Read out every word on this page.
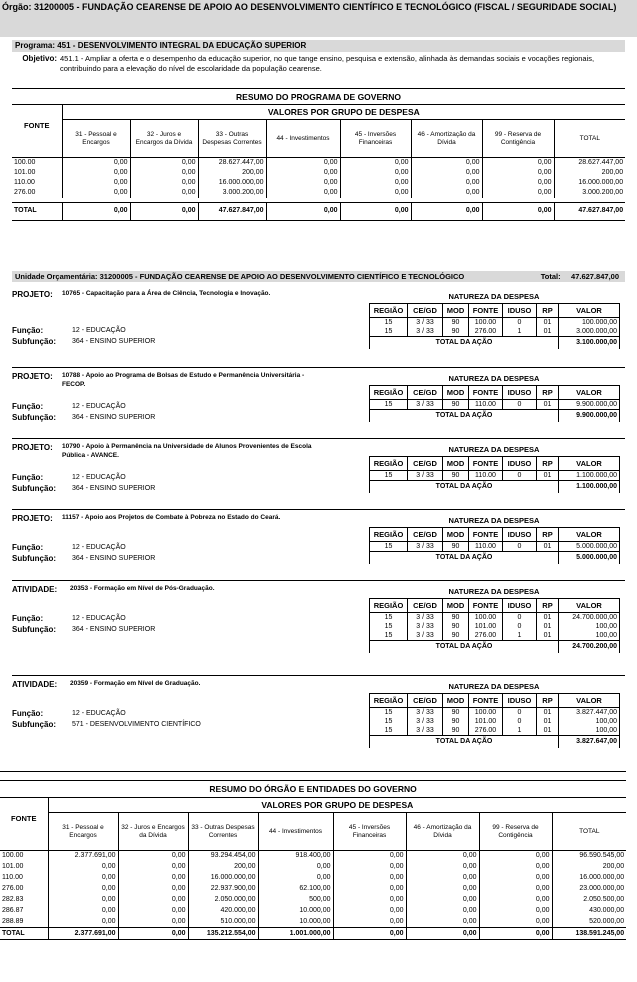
Órgão: 31200005 - FUNDAÇÃO CEARENSE DE APOIO AO DESENVOLVIMENTO CIENTÍFICO E TECNOLÓGICO (FISCAL / SEGURIDADE SOCIAL)
Programa: 451 - DESENVOLVIMENTO INTEGRAL DA EDUCAÇÃO SUPERIOR
Objetivo: 451.1 - Ampliar a oferta e o desempenho da educação superior, no que tange ensino, pesquisa e extensão, alinhada às demandas sociais e vocações regionais, contribuindo para a elevação do nível de escolaridade da população cearense.
RESUMO DO PROGRAMA DE GOVERNO								
	VALORES POR GRUPO DE DESPESA							
FONTE	31 - Pessoal e Encargos	32 - Juros e Encargos da Dívida	33 - Outras Despesas Correntes	44 - Investimentos	45 - Inversões Financeiras	46 - Amortização da Dívida	99 - Reserva de Contigência	TOTAL
100.00	0,00	0,00	28.627.447,00	0,00	0,00	0,00	0,00	28.627.447,00
101.00	0,00	0,00	200,00	0,00	0,00	0,00	0,00	200,00
110.00	0,00	0,00	16.000.000,00	0,00	0,00	0,00	0,00	16.000.000,00
276.00	0,00	0,00	3.000.200,00	0,00	0,00	0,00	0,00	3.000.200,00

TOTAL	0,00	0,00	47.627.847,00	0,00	0,00	0,00	0,00	47.627.847,00
Unidade Orçamentária: 31200005 - FUNDAÇÃO CEARENSE DE APOIO AO DESENVOLVIMENTO CIENTÍFICO E TECNOLÓGICO	Total: 47.627.847,00
PROJETO: 10765 - Capacitação para a Área de Ciência, Tecnologia e Inovação.
Função:	12 - EDUCAÇÃO
Subfunção: 364 - ENSINO SUPERIOR
NATUREZA DA DESPESA
REGIÃO	CE/GD	MOD	FONTE	IDUSO	RP	VALOR
15	3 / 33	90	100.00	0	01	100.000,00
15	3 / 33	90	276.00	1	01	3.000.000,00
TOTAL DA AÇÃO						3.100.000,00
PROJETO: 10788 - Apoio ao Programa de Bolsas de Estudo e Permanência Universitária - FECOP.
Função:	12 - EDUCAÇÃO
Subfunção: 364 - ENSINO SUPERIOR
NATUREZA DA DESPESA
REGIÃO	CE/GD	MOD	FONTE	IDUSO	RP	VALOR
15	3 / 33	90	110.00	0	01	9.900.000,00
TOTAL DA AÇÃO						9.900.000,00
PROJETO: 10790 - Apoio à Permanência na Universidade de Alunos Provenientes de Escola Pública - AVANCE.
Função:	12 - EDUCAÇÃO
Subfunção: 364 - ENSINO SUPERIOR
NATUREZA DA DESPESA
REGIÃO	CE/GD	MOD	FONTE	IDUSO	RP	VALOR
15	3 / 33	90	110.00	0	01	1.100.000,00
TOTAL DA AÇÃO						1.100.000,00
PROJETO: 11157 - Apoio aos Projetos de Combate à Pobreza no Estado do Ceará.
Função:	12 - EDUCAÇÃO
Subfunção: 364 - ENSINO SUPERIOR
NATUREZA DA DESPESA
REGIÃO	CE/GD	MOD	FONTE	IDUSO	RP	VALOR
15	3 / 33	90	110.00	0	01	5.000.000,00
TOTAL DA AÇÃO						5.000.000,00
ATIVIDADE: 20353 - Formação em Nível de Pós-Graduação.
Função:	12 - EDUCAÇÃO
Subfunção: 364 - ENSINO SUPERIOR
NATUREZA DA DESPESA
REGIÃO	CE/GD	MOD	FONTE	IDUSO	RP	VALOR
15	3 / 33	90	100.00	0	01	24.700.000,00
15	3 / 33	90	101.00	0	01	100,00
15	3 / 33	90	276.00	1	01	100,00
TOTAL DA AÇÃO						24.700.200,00
ATIVIDADE: 20359 - Formação em Nível de Graduação.
Função:	12 - EDUCAÇÃO
Subfunção: 571 - DESENVOLVIMENTO CIENTÍFICO
NATUREZA DA DESPESA
REGIÃO	CE/GD	MOD	FONTE	IDUSO	RP	VALOR
15	3 / 33	90	100.00	0	01	3.827.447,00
15	3 / 33	90	101.00	0	01	100,00
15	3 / 33	90	276.00	1	01	100,00
TOTAL DA AÇÃO						3.827.647,00
RESUMO DO ÓRGÃO E ENTIDADES DO GOVERNO								
	VALORES POR GRUPO DE DESPESA							
FONTE	31 - Pessoal e Encargos	32 - Juros e Encargos da Dívida	33 - Outras Despesas Correntes	44 - Investimentos	45 - Inversões Financeiras	46 - Amortização da Dívida	99 - Reserva de Contigência	TOTAL
100.00	2.377.691,00	0,00	93.294.454,00	918.400,00	0,00	0,00	0,00	96.590.545,00
101.00	0,00	0,00	200,00	0,00	0,00	0,00	0,00	200,00
110.00	0,00	0,00	16.000.000,00	0,00	0,00	0,00	0,00	16.000.000,00
276.00	0,00	0,00	22.937.900,00	62.100,00	0,00	0,00	0,00	23.000.000,00
282.83	0,00	0,00	2.050.000,00	500,00	0,00	0,00	0,00	2.050.500,00
286.87	0,00	0,00	420.000,00	10.000,00	0,00	0,00	0,00	430.000,00
288.89	0,00	0,00	510.000,00	10.000,00	0,00	0,00	0,00	520.000,00
TOTAL	2.377.691,00	0,00	135.212.554,00	1.001.000,00	0,00	0,00	0,00	138.591.245,00
